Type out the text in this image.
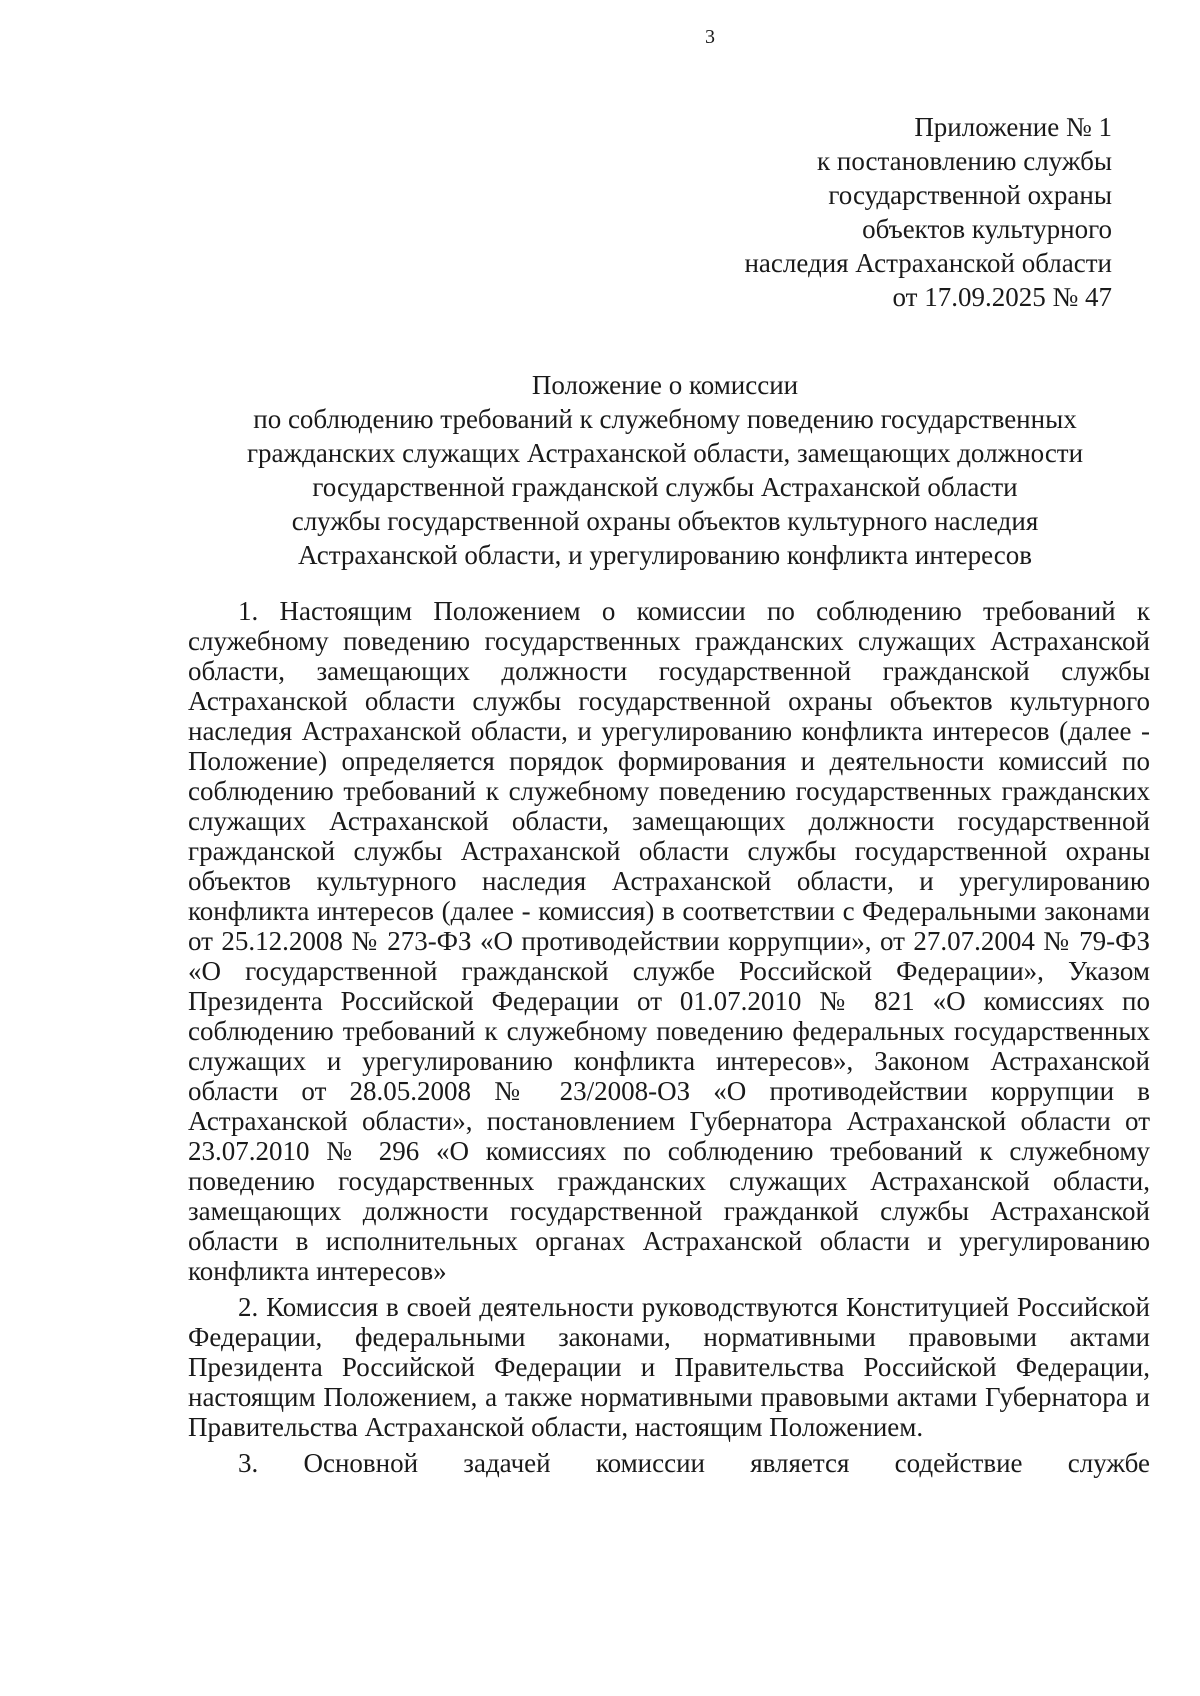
3
Приложение № 1
к постановлению службы
государственной охраны
объектов культурного
наследия Астраханской области
от 17.09.2025 № 47
Положение о комиссии
по соблюдению требований к служебному поведению государственных
гражданских служащих Астраханской области, замещающих должности
государственной гражданской службы Астраханской области
службы государственной охраны объектов культурного наследия
Астраханской области, и урегулированию конфликта интересов

1. Настоящим Положением о комиссии по соблюдению требований к служебному поведению государственных гражданских служащих Астраханской области, замещающих должности государственной гражданской службы Астраханской области службы государственной охраны объектов культурного наследия Астраханской области, и урегулированию конфликта интересов (далее - Положение) определяется порядок формирования и деятельности комиссий по соблюдению требований к служебному поведению государственных гражданских служащих Астраханской области, замещающих должности государственной гражданской службы Астраханской области службы государственной охраны объектов культурного наследия Астраханской области, и урегулированию конфликта интересов (далее - комиссия) в соответствии с Федеральными законами от 25.12.2008 № 273-ФЗ «О противодействии коррупции», от 27.07.2004 № 79-ФЗ «О государственной гражданской службе Российской Федерации», Указом Президента Российской Федерации от 01.07.2010 № 821 «О комиссиях по соблюдению требований к служебному поведению федеральных государственных служащих и урегулированию конфликта интересов», Законом Астраханской области от 28.05.2008 № 23/2008-ОЗ «О противодействии коррупции в Астраханской области», постановлением Губернатора Астраханской области от 23.07.2010 № 296 «О комиссиях по соблюдению требований к служебному поведению государственных гражданских служащих Астраханской области, замещающих должности государственной гражданкой службы Астраханской области в исполнительных органах Астраханской области и урегулированию конфликта интересов»

2. Комиссия в своей деятельности руководствуются Конституцией Российской Федерации, федеральными законами, нормативными правовыми актами Президента Российской Федерации и Правительства Российской Федерации, настоящим Положением, а также нормативными правовыми актами Губернатора и Правительства Астраханской области, настоящим Положением.

3. Основной задачей комиссии является содействие службе
